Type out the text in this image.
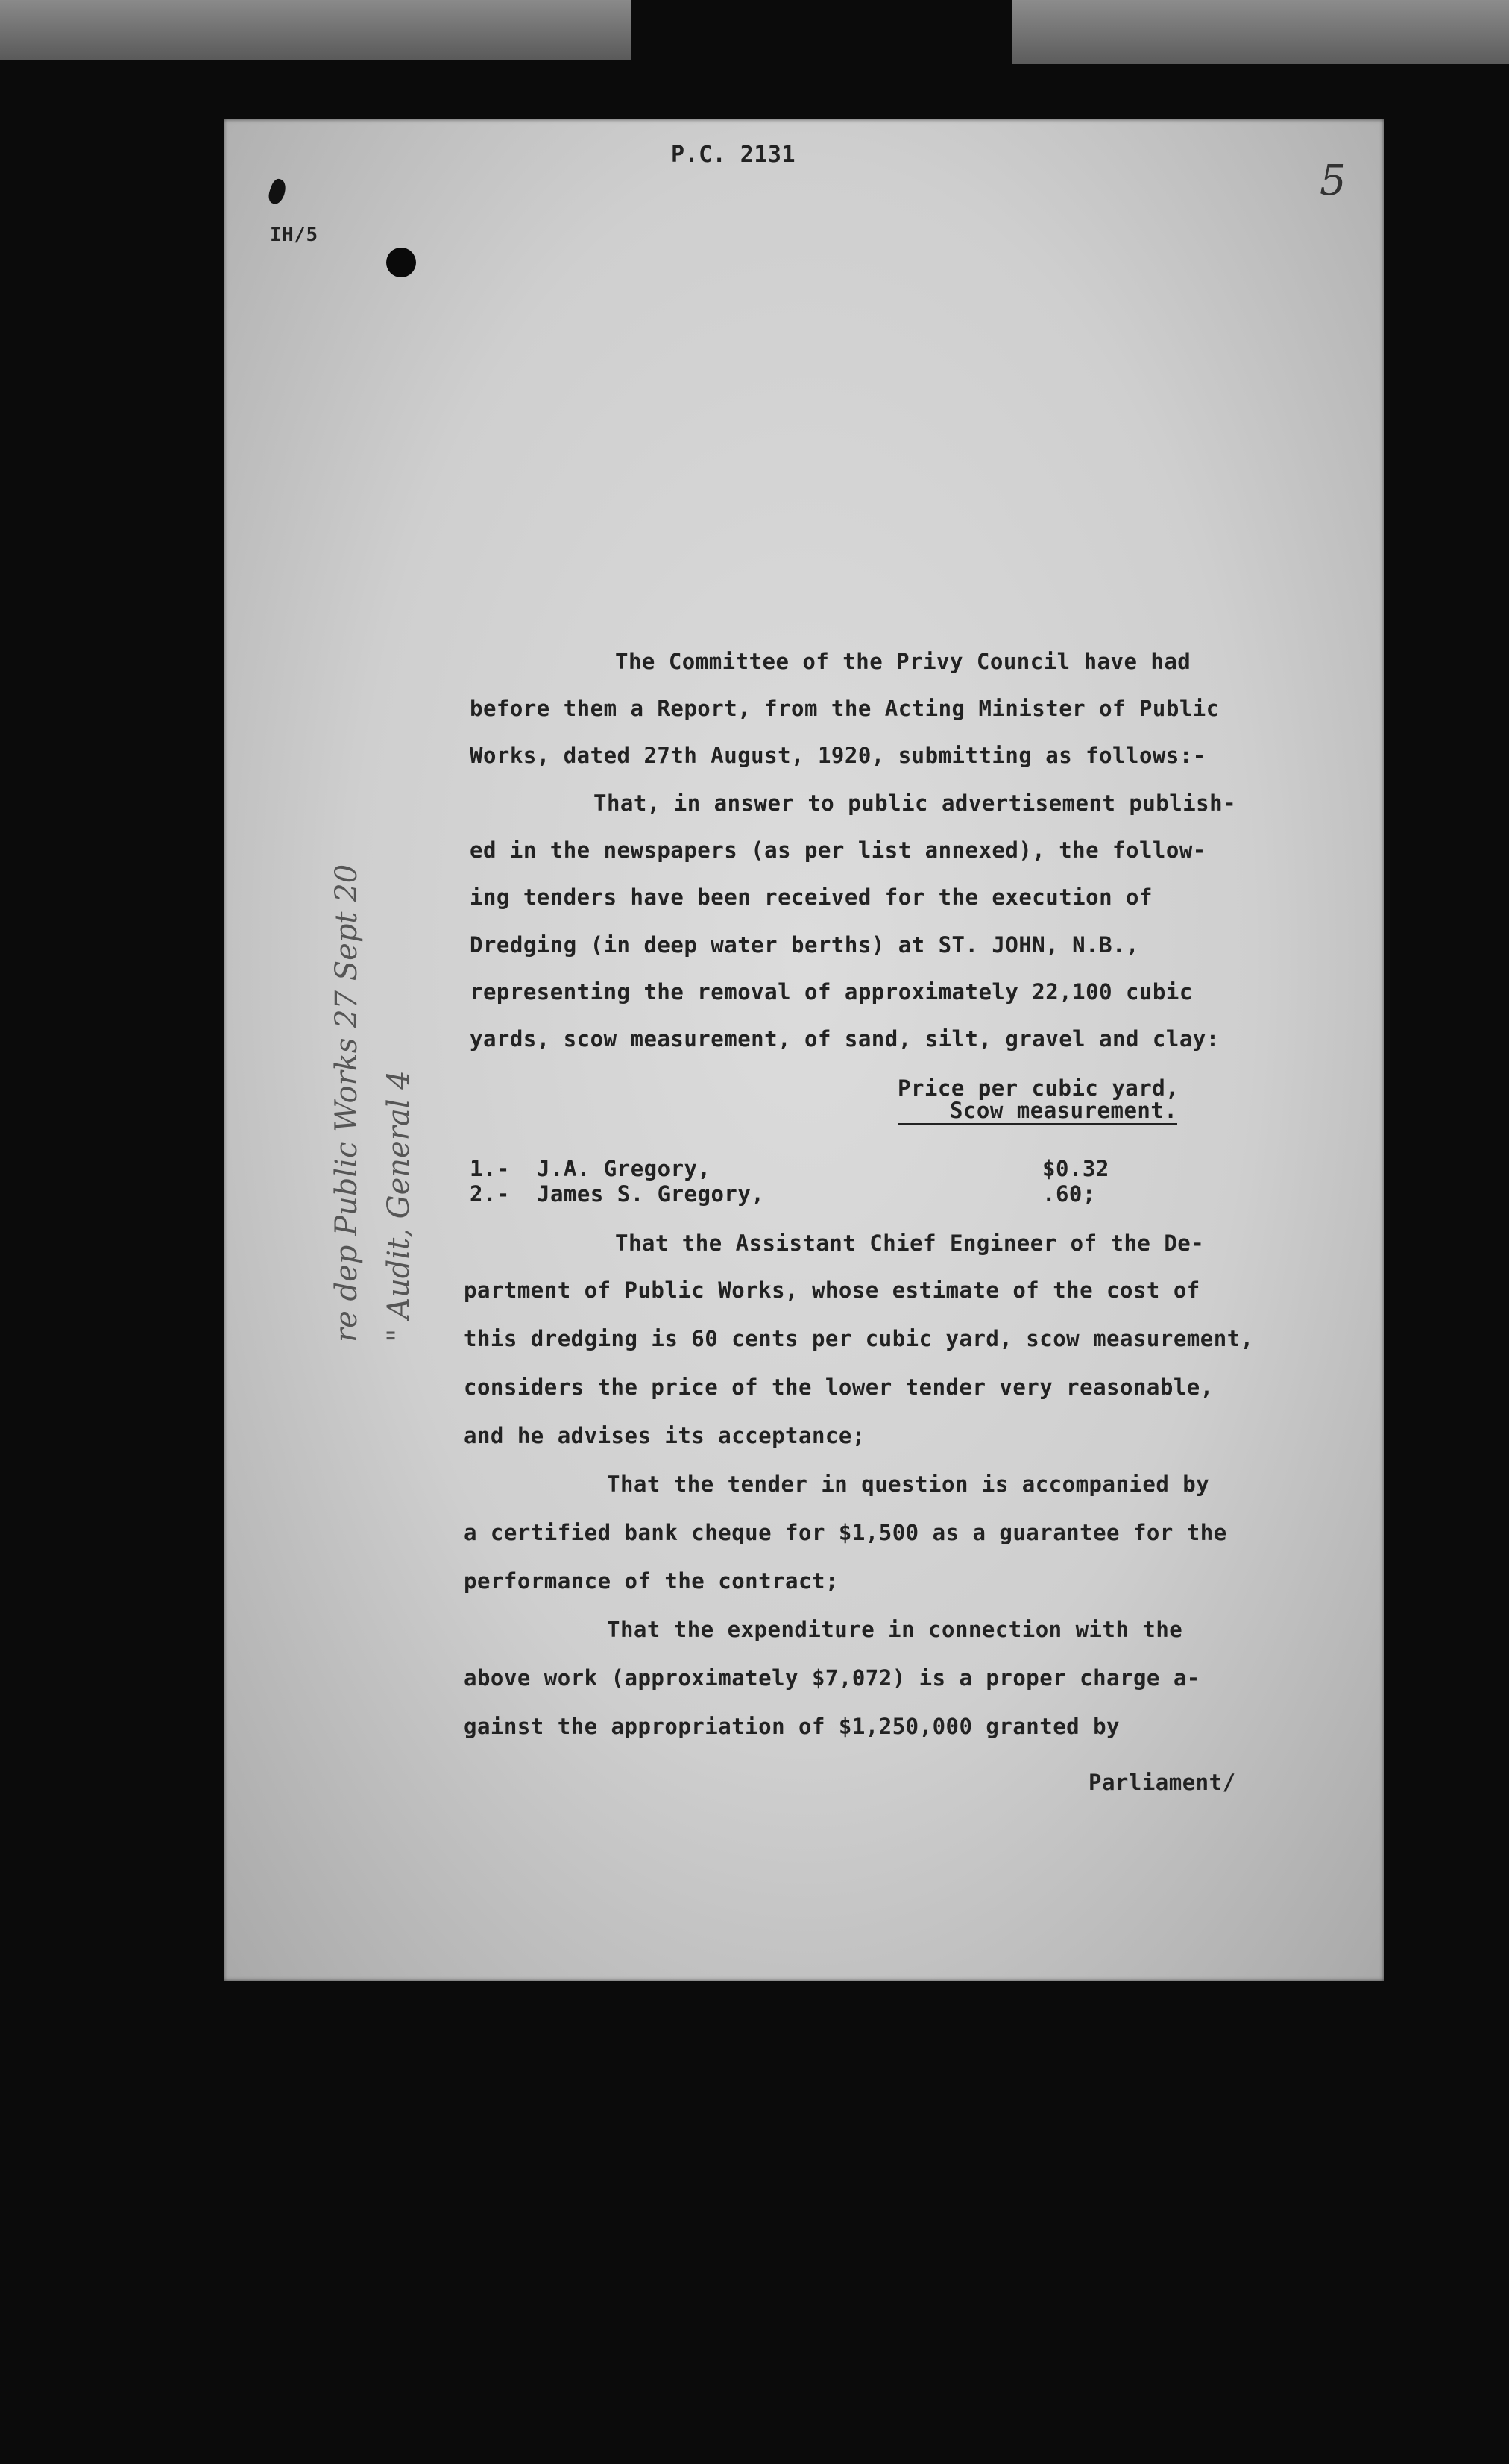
P.C. 2131
5
IH/5
re dep Public Works 27 Sept 20 " Audit, General 4
The Committee of the Privy Council have had
before them a Report, from the Acting Minister of Public
Works, dated 27th August, 1920, submitting as follows:-
That, in answer to public advertisement publish-
ed in the newspapers (as per list annexed), the follow-
ing tenders have been received for the execution of
Dredging (in deep water berths) at ST. JOHN, N.B.,
representing the removal of approximately 22,100 cubic
yards, scow measurement, of sand, silt, gravel and clay:
Price per cubic yard,
Scow measurement.
1.- J.A. Gregory,	$0.32
2.- James S. Gregory,	.60;
That the Assistant Chief Engineer of the De-
partment of Public Works, whose estimate of the cost of
this dredging is 60 cents per cubic yard, scow measurement,
considers the price of the lower tender very reasonable,
and he advises its acceptance;
That the tender in question is accompanied by
a certified bank cheque for $1,500 as a guarantee for the
performance of the contract;
That the expenditure in connection with the
above work (approximately $7,072) is a proper charge a-
gainst the appropriation of $1,250,000 granted by
Parliament/
